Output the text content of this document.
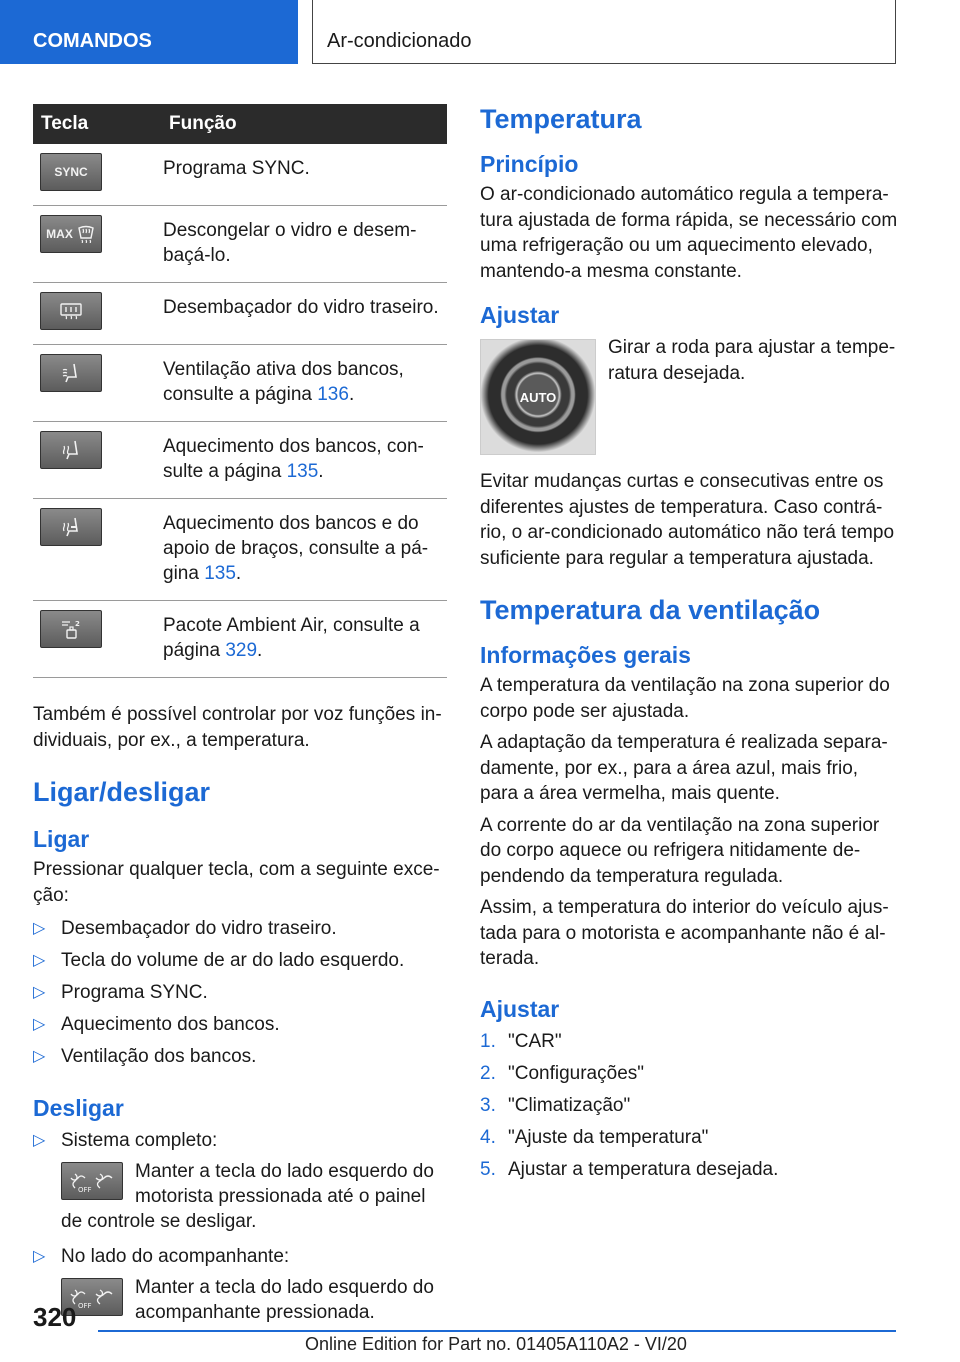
COMANDOS	Ar-condicionado
Tecla	Função

SYNC	Programa SYNC.

MAX	Descongelar o vidro e desem-baçá-lo.

	Desembaçador do vidro traseiro.

	Ventilação ativa dos bancos, consulte a página 136.

	Aquecimento dos bancos, con-sulte a página 135.

	Aquecimento dos bancos e do apoio de braços, consulte a pá-gina 135.

2	Pacote Ambient Air, consulte a página 329.

Também é possível controlar por voz funções in-dividuais, por ex., a temperatura.

Ligar/desligar
Ligar

Pressionar qualquer tecla, com a seguinte exce-ção:

▷ Desembaçador do vidro traseiro.
▷ Tecla do volume de ar do lado esquerdo.
▷ Programa SYNC.
▷ Aquecimento dos bancos.
▷ Ventilação dos bancos.
Desligar
▷ Sistema completo:
OFF
Manter a tecla do lado esquerdo do motorista pressionada até o painel de controle se desligar.
▷ No lado do acompanhante:
OFF
Manter a tecla do lado esquerdo do acompanhante pressionada.
Temperatura
Princípio

O ar-condicionado automático regula a tempera-tura ajustada de forma rápida, se necessário com uma refrigeração ou um aquecimento elevado, mantendo-a mesma constante.

Ajustar
AUTO

Girar a roda para ajustar a tempe-ratura desejada.

Evitar mudanças curtas e consecutivas entre os diferentes ajustes de temperatura. Caso contrá-rio, o ar-condicionado automático não terá tempo suficiente para regular a temperatura ajustada.

Temperatura da ventilação
Informações gerais

A temperatura da ventilação na zona superior do corpo pode ser ajustada.

A adaptação da temperatura é realizada separa-damente, por ex., para a área azul, mais frio, para a área vermelha, mais quente.

A corrente do ar da ventilação na zona superior do corpo aquece ou refrigera nitidamente de-pendendo da temperatura regulada.

Assim, a temperatura do interior do veículo ajus-tada para o motorista e acompanhante não é al-terada.

Ajustar
1. "CAR"
2. "Configurações"
3. "Climatização"
4. "Ajuste da temperatura"
5. Ajustar a temperatura desejada.
320
Online Edition for Part no. 01405A110A2 - VI/20
